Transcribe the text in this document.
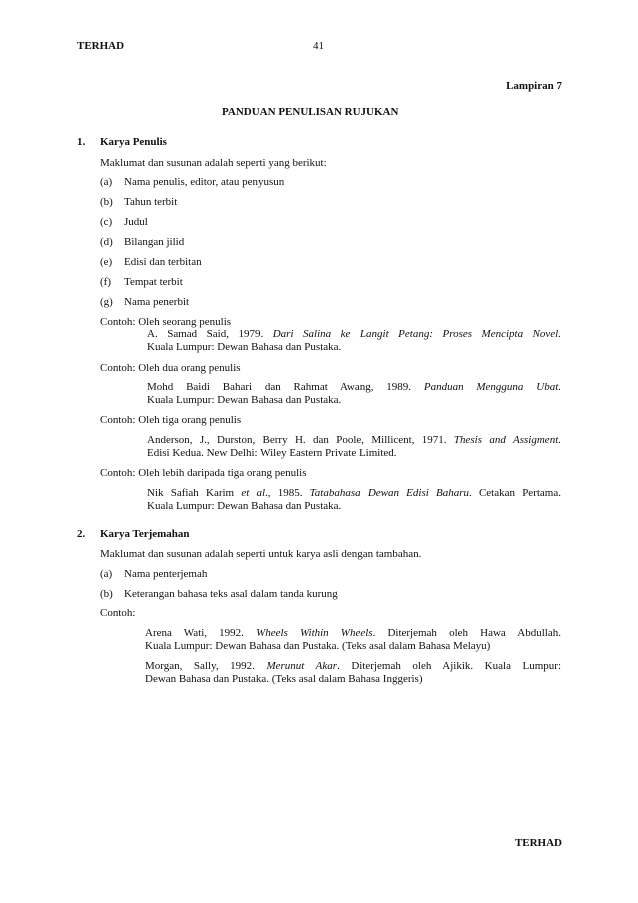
TERHAD	41
Lampiran 7
PANDUAN PENULISAN RUJUKAN
1. Karya Penulis
Maklumat dan susunan adalah seperti yang berikut:
(a) Nama penulis, editor, atau penyusun
(b) Tahun terbit
(c) Judul
(d) Bilangan jilid
(e) Edisi dan terbitan
(f) Tempat terbit
(g) Nama penerbit
Contoh: Oleh seorang penulis
A. Samad Said, 1979. Dari Salina ke Langit Petang: Proses Mencipta Novel.
Kuala Lumpur: Dewan Bahasa dan Pustaka.
Contoh: Oleh dua orang penulis
Mohd Baidi Bahari dan Rahmat Awang, 1989. Panduan Mengguna Ubat.
Kuala Lumpur: Dewan Bahasa dan Pustaka.
Contoh: Oleh tiga orang penulis
Anderson, J., Durston, Berry H. dan Poole, Millicent, 1971. Thesis and Assigment.
Edisi Kedua. New Delhi: Wiley Eastern Private Limited.
Contoh: Oleh lebih daripada tiga orang penulis
Nik Safiah Karim et al., 1985. Tatabahasa Dewan Edisi Baharu. Cetakan Pertama.
Kuala Lumpur: Dewan Bahasa dan Pustaka.
2. Karya Terjemahan
Maklumat dan susunan adalah seperti untuk karya asli dengan tambahan.
(a) Nama penterjemah
(b) Keterangan bahasa teks asal dalam tanda kurung
Contoh:
Arena Wati, 1992. Wheels Within Wheels. Diterjemah oleh Hawa Abdullah.
Kuala Lumpur: Dewan Bahasa dan Pustaka. (Teks asal dalam Bahasa Melayu)
Morgan, Sally, 1992. Merunut Akar. Diterjemah oleh Ajikik. Kuala Lumpur:
Dewan Bahasa dan Pustaka. (Teks asal dalam Bahasa Inggeris)
TERHAD
